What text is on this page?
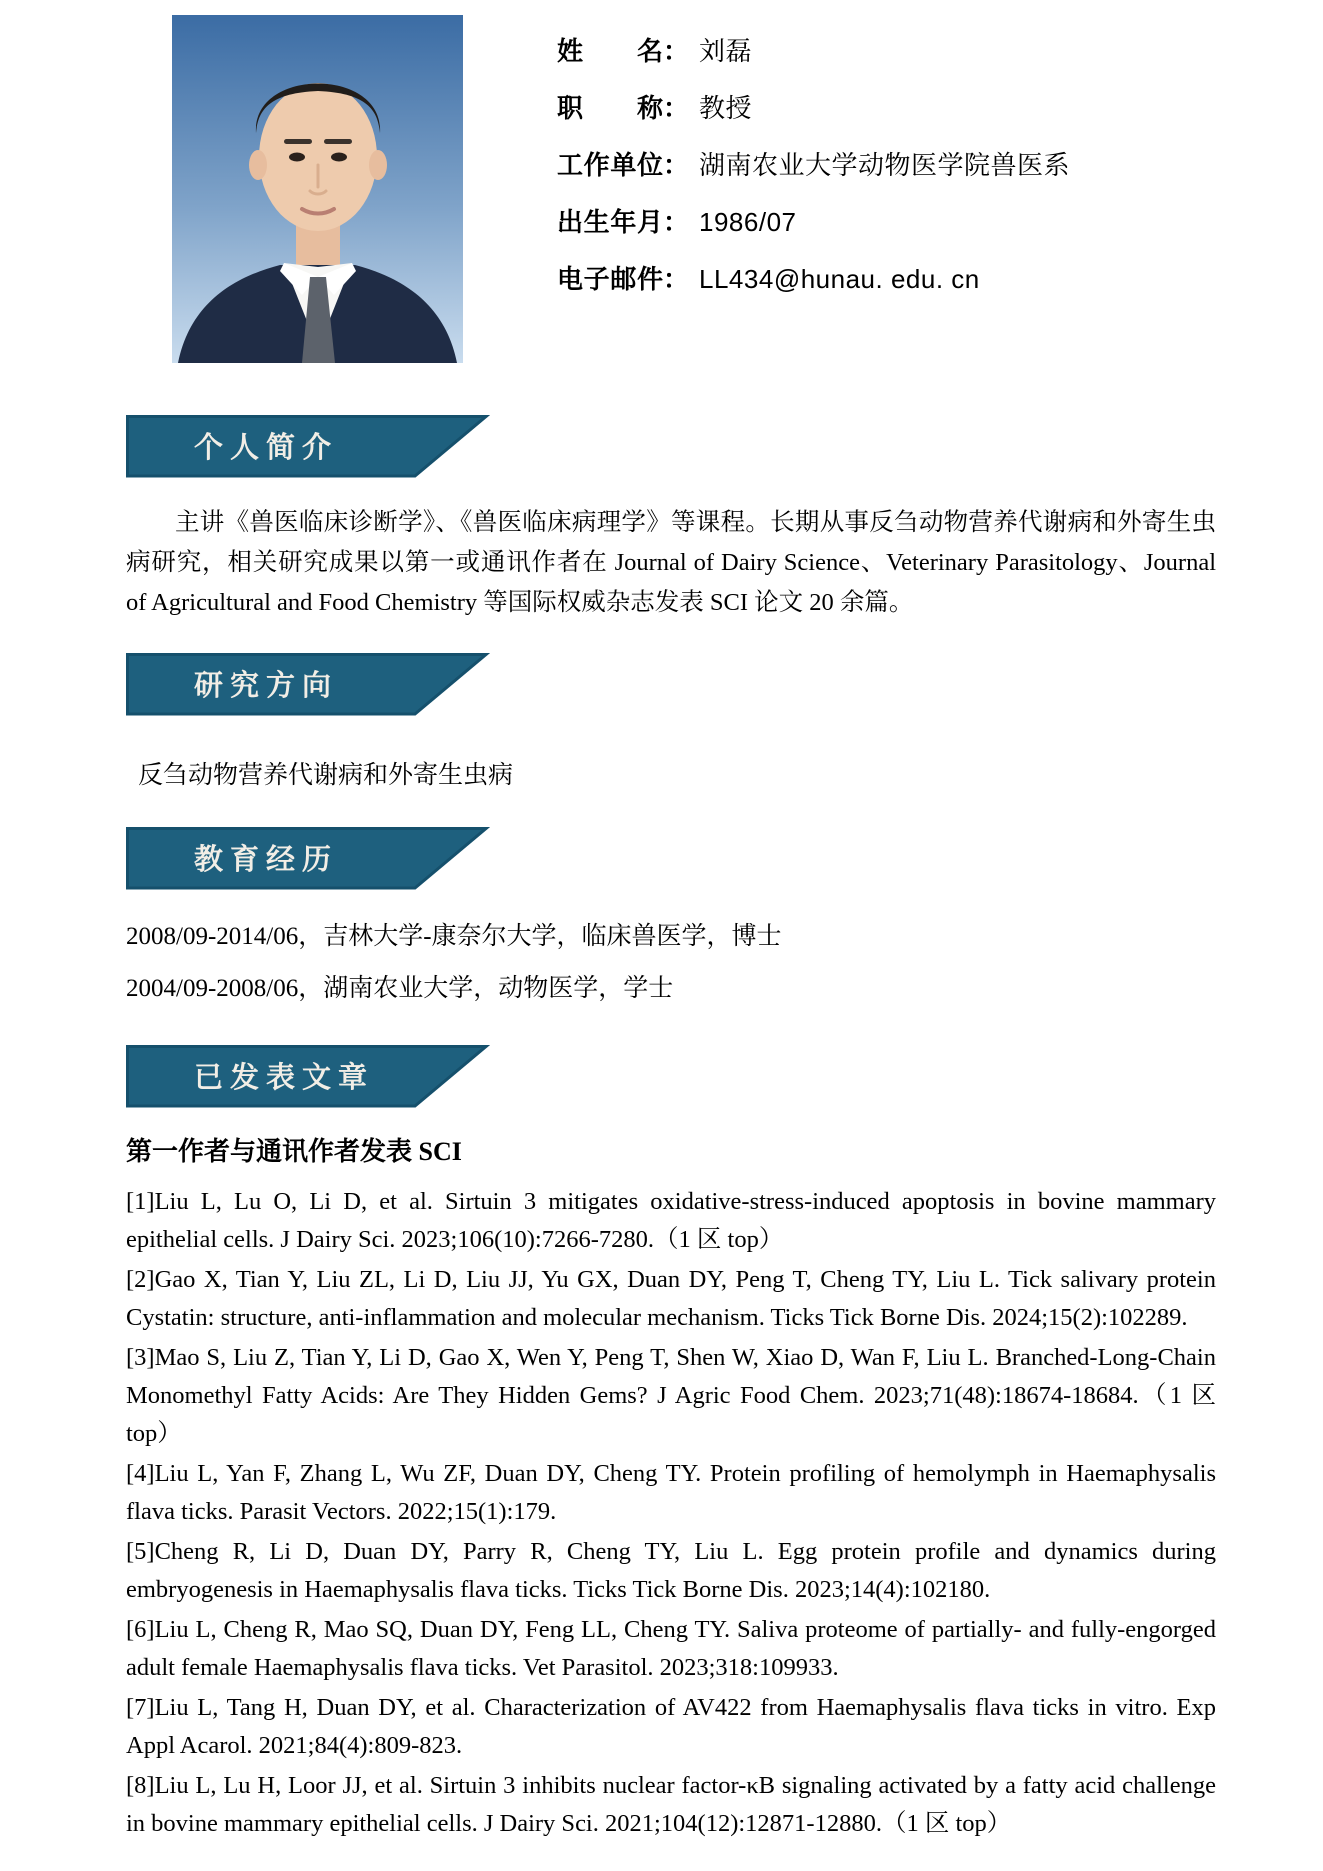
姓名 ： 刘磊
职称 ： 教授
工作单位 ： 湖南农业大学动物医学院兽医系
出生年月 ： 1986/07
电子邮件 ： LL434@hunau. edu. cn
个人简介

主讲《兽医临床诊断学》、《兽医临床病理学》等课程。长期从事反刍动物营养代谢病和外寄生虫病研究，相关研究成果以第一或通讯作者在 Journal of Dairy Science、Veterinary Parasitology、Journal of Agricultural and Food Chemistry 等国际权威杂志发表 SCI 论文 20 余篇。

研究方向

反刍动物营养代谢病和外寄生虫病

教育经历
2008/09-2014/06，吉林大学-康奈尔大学，临床兽医学，博士
2004/09-2008/06，湖南农业大学，动物医学，学士
已发表文章

第一作者与通讯作者发表 SCI

[1]Liu L, Lu O, Li D, et al. Sirtuin 3 mitigates oxidative-stress-induced apoptosis in bovine mammary epithelial cells. J Dairy Sci. 2023;106(10):7266-7280.（1 区 top）

[2]Gao X, Tian Y, Liu ZL, Li D, Liu JJ, Yu GX, Duan DY, Peng T, Cheng TY, Liu L. Tick salivary protein Cystatin: structure, anti-inflammation and molecular mechanism. Ticks Tick Borne Dis. 2024;15(2):102289.

[3]Mao S, Liu Z, Tian Y, Li D, Gao X, Wen Y, Peng T, Shen W, Xiao D, Wan F, Liu L. Branched-Long-Chain Monomethyl Fatty Acids: Are They Hidden Gems? J Agric Food Chem. 2023;71(48):18674-18684.（1 区 top）

[4]Liu L, Yan F, Zhang L, Wu ZF, Duan DY, Cheng TY. Protein profiling of hemolymph in Haemaphysalis flava ticks. Parasit Vectors. 2022;15(1):179.

[5]Cheng R, Li D, Duan DY, Parry R, Cheng TY, Liu L. Egg protein profile and dynamics during embryogenesis in Haemaphysalis flava ticks. Ticks Tick Borne Dis. 2023;14(4):102180.

[6]Liu L, Cheng R, Mao SQ, Duan DY, Feng LL, Cheng TY. Saliva proteome of partially- and fully-engorged adult female Haemaphysalis flava ticks. Vet Parasitol. 2023;318:109933.

[7]Liu L, Tang H, Duan DY, et al. Characterization of AV422 from Haemaphysalis flava ticks in vitro. Exp Appl Acarol. 2021;84(4):809-823.

[8]Liu L, Lu H, Loor JJ, et al. Sirtuin 3 inhibits nuclear factor-κB signaling activated by a fatty acid challenge in bovine mammary epithelial cells. J Dairy Sci. 2021;104(12):12871-12880.（1 区 top）
